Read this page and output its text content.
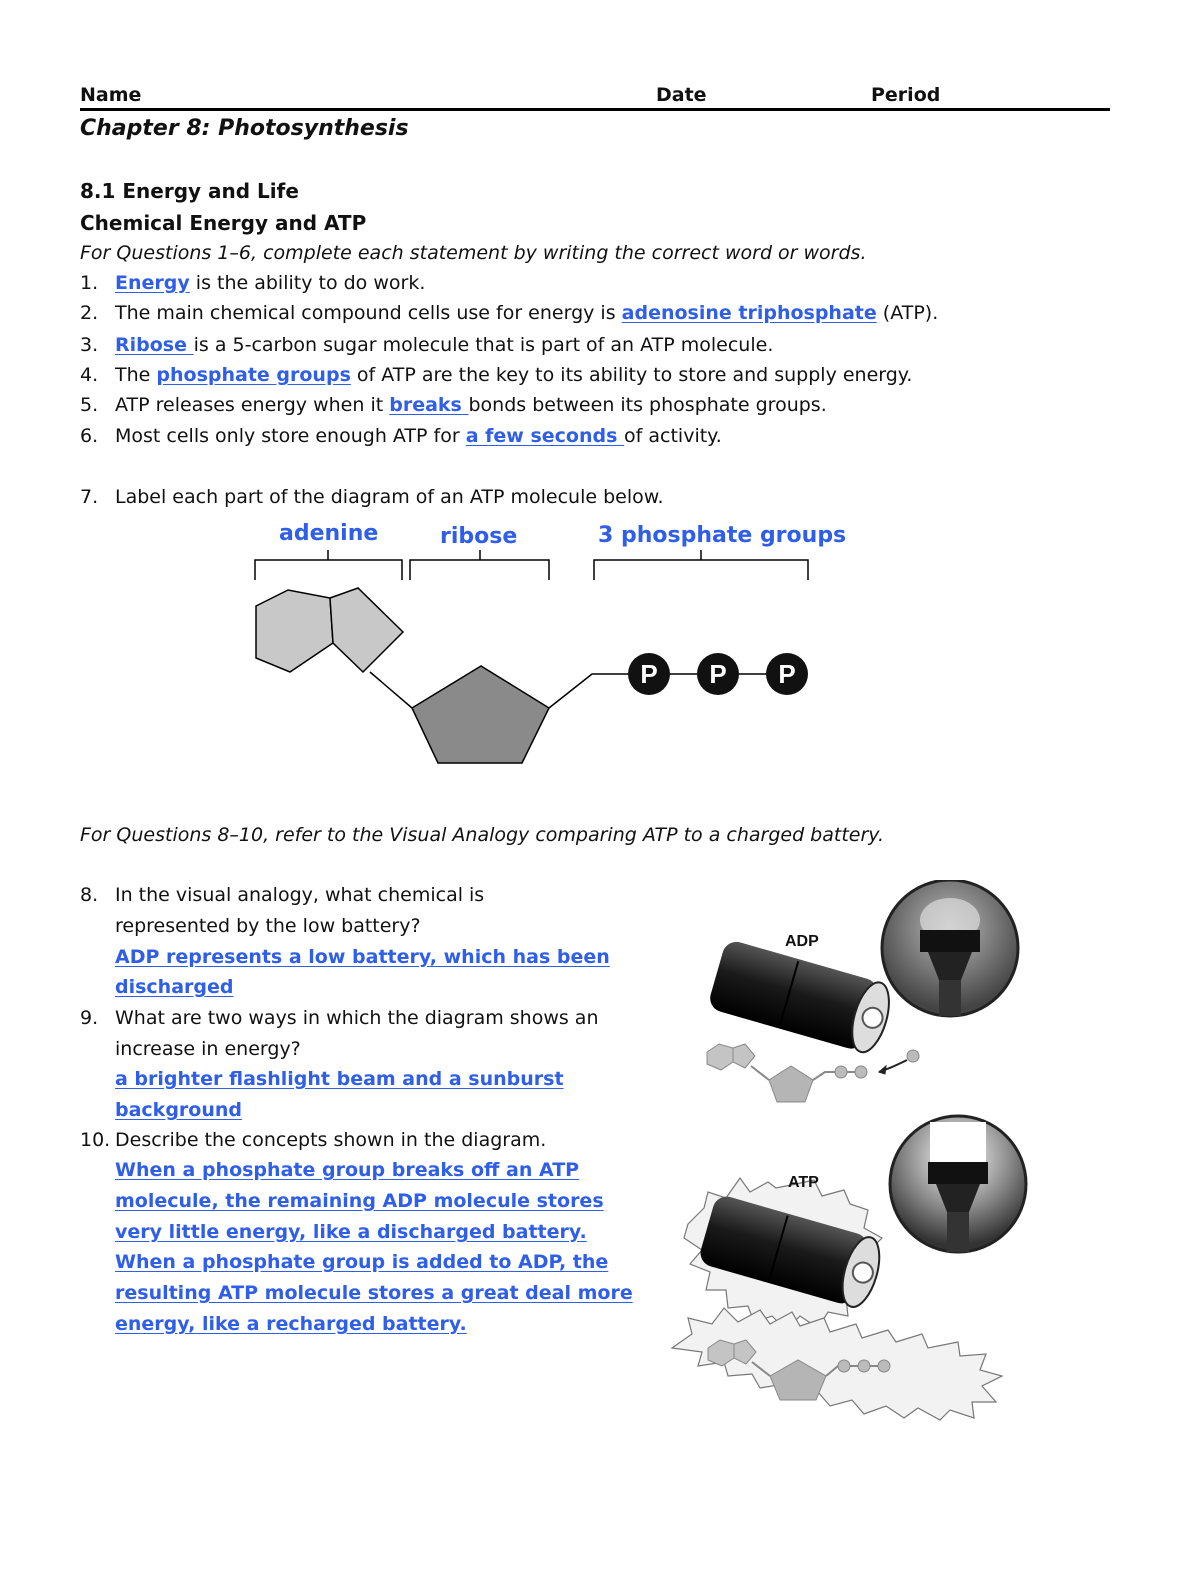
Name	Date	Period
Chapter 8: Photosynthesis
8.1 Energy and Life
Chemical Energy and ATP
For Questions 1–6, complete each statement by writing the correct word or words.
1. Energy is the ability to do work.
2. The main chemical compound cells use for energy is adenosine triphosphate (ATP).
3. Ribose is a 5-carbon sugar molecule that is part of an ATP molecule.
4. The phosphate groups of ATP are the key to its ability to store and supply energy.
5. ATP releases energy when it breaks bonds between its phosphate groups.
6. Most cells only store enough ATP for a few seconds of activity.
7. Label each part of the diagram of an ATP molecule below.
adenine	ribose	3 phosphate groups
P P P
For Questions 8–10, refer to the Visual Analogy comparing ATP to a charged battery.
8. In the visual analogy, what chemical is
represented by the low battery?
ADP represents a low battery, which has been
discharged
9. What are two ways in which the diagram shows an
increase in energy?
a brighter flashlight beam and a sunburst
background
10. Describe the concepts shown in the diagram.
When a phosphate group breaks off an ATP
molecule, the remaining ADP molecule stores
very little energy, like a discharged battery.
When a phosphate group is added to ADP, the
resulting ATP molecule stores a great deal more
energy, like a recharged battery.
ADP
ATP
